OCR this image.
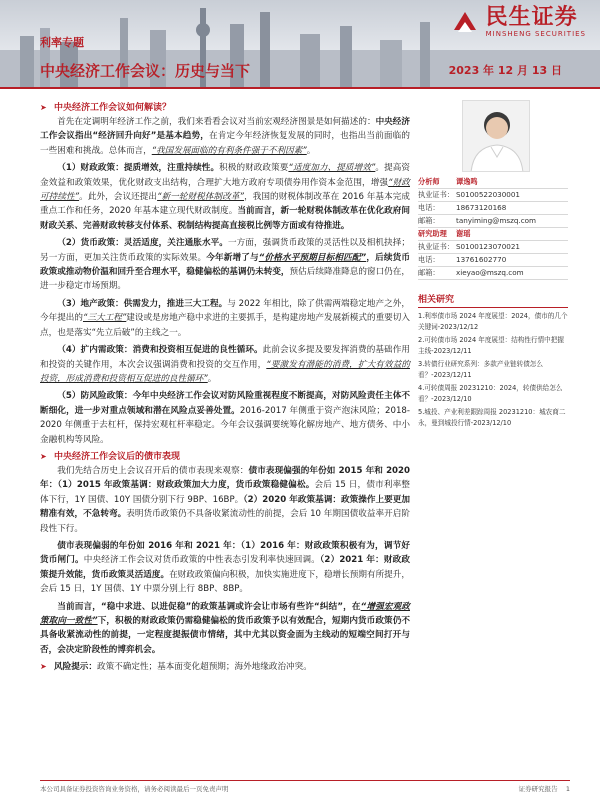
民生证券
MINSHENG SECURITIES
利率专题
中央经济工作会议：历史与当下	2023 年 12 月 13 日
➤ 中央经济工作会议如何解读？

首先在定调明年经济工作之前，我们来看看会议对当前宏观经济图景是如何描述的：中央经济工作会议指出“经济回升向好”是基本趋势，在肯定今年经济恢复发展的同时，也指出当前面临的一些困难和挑战。总体而言，“我国发展面临的有利条件强于不利因素”。

（1）财政政策：提质增效，注重持续性。积极的财政政策要“适度加力、提质增效”。提高资金效益和政策效果，优化财政支出结构，合理扩大地方政府专项债券用作资本金范围，增强“财政可持续性”。此外，会议还提出“新一轮财税体制改革”，我国的财税体制改革在 2016 年基本完成重点工作和任务，2020 年基本建立现代财政制度。当前而言，新一轮财税体制改革在优化政府间财政关系、完善财政转移支付体系、税制结构提高直接税比例等方面或有待推进。

（2）货币政策：灵活适度，关注通胀水平。一方面，强调货币政策的灵活性以及相机抉择；另一方面，更加关注货币政策的实际效果。今年新增了与“价格水平预期目标相匹配”，后续货币政策或推动物价温和回升至合理水平，稳健偏松的基调仍未转变，预估后续降准降息的窗口仍在，进一步稳定市场预期。

（3）地产政策：供需发力，推进三大工程。与 2022 年相比，除了供需两端稳定地产之外，今年提出的“三大工程”建设或是房地产稳中求进的主要抓手，是构建房地产发展新模式的重要切入点，也是落实“先立后破”的主线之一。

（4）扩内需政策：消费和投资相互促进的良性循环。此前会议多提及要发挥消费的基础作用和投资的关键作用，本次会议强调消费和投资的交互作用，“要激发有潜能的消费，扩大有效益的投资，形成消费和投资相互促进的良性循环”。

（5）防风险政策：今年中央经济工作会议对防风险重视程度不断提高，对防风险责任主体不断细化，进一步对重点领域和潜在风险点妥善处置。2016-2017 年侧重于资产泡沫风险；2018-2020 年侧重于去杠杆，保持宏观杠杆率稳定。今年会议强调要统筹化解房地产、地方债务、中小金融机构等风险。

➤ 中央经济工作会议后的债市表现

我们先结合历史上会议召开后的债市表现来观察：债市表现偏强的年份如 2015 年和 2020 年：（1）2015 年政策基调：财政政策加大力度，货币政策稳健偏松。会后 15 日，债市利率整体下行，1Y 国债、10Y 国债分别下行 9BP、16BP。（2）2020 年政策基调：政策操作上要更加精准有效，不急转弯。表明货币政策仍不具备收紧流动性的前提，会后 10 年期国债收益率开启阶段性下行。

债市表现偏弱的年份如 2016 年和 2021 年：（1）2016 年：财政政策积极有为，调节好货币闸门。中央经济工作会议对货币政策的中性表态引发利率快速回调。（2）2021 年：财政政策提升效能，货币政策灵活适度。在财政政策偏向积极，加快实施进度下，稳增长预期有所提升，会后 15 日，1Y 国债、1Y 中票分别上行 8BP、8BP。

当前而言，“稳中求进、以进促稳”的政策基调或许会让市场有些许“纠结”，在“增强宏观政策取向一致性”下，积极的财政政策仍需稳健偏松的货币政策予以有效配合，短期内货币政策仍不具备收紧流动性的前提，一定程度提振债市情绪，其中尤其以资金面为主线动的短端空间打开与否，会决定阶段性的博弈机会。

➤ 风险提示： 政策不确定性；基本面变化超预期；海外地缘政治冲突。
分析师	谭逸鸣
执业证书： S0100522030001
电话：	18673120168
邮箱：	tanyiming@mszq.com
研究助理	谢瑶
执业证书： S0100123070021
电话：	13761602770
邮箱：	xieyao@mszq.com
相关研究
1.利率债市场 2024 年度展望：2024，债市的几个关键词-2023/12/12
2.可转债市场 2024 年度展望：结构性行情中把握主线-2023/12/11
3.转债行业研究系列：多款产业链转债怎么看？-2023/12/11
4.可转债周报 20231210：2024，转债供给怎么看？-2023/12/10
5.城投、产业利差跟踪周报 20231210：城农商二永，曼到城投行情-2023/12/10
本公司具备证券投资咨询业务资格，请务必阅读最后一页免责声明	证券研究报告 1
